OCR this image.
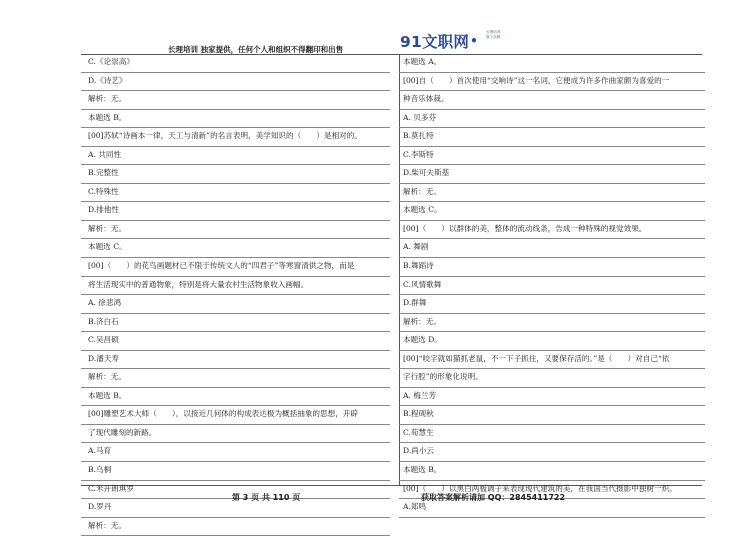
长理培训 独家提供，任何个人和组织不得翻印和出售	91文职网•
长理培训
旗下品牌
C.《论崇高》
D.《诗艺》
解析：无。
本题选 B。
[00]苏轼“诗画本一律，天工与清新”的名言表明，美学知识的（　　）是相对的。
A. 共同性
B.完整性
C.特殊性
D.排他性
解析：无。
本题选 C。
[00]（　　）的花鸟画题材已不限于传统文人的“四君子”等寒窗清供之物，而是
将生活现实中的普通物象，特别是将大量农村生活物象收入画幅。
A. 徐悲鸿
B.济白石
C.吴昌硕
D.潘天寿
解析：无。
本题选 B。
[00]雕塑艺术大师（　　），以接近几何体的构成表达极为概括抽象的思想，开辟
了现代雕刻的新路。
A.马育
B.乌桐
C.米开朗琪罗
D.罗丹
解析：无。
本题选 A。
[00]自（　　）首次使用“交响诗”这一名词，它便成为许多作曲家颇为喜爱的一
种音乐体裁。
A. 贝多芬
B.莫扎特
C.李斯特
D.柴可夫斯基
解析：无。
本题选 C。
[00]（　　）以群体的美，整体的流动线条，告成一种特殊的视觉效果。
A. 舞剧
B.舞蹈诗
C.风情歌舞
D.群舞
解析：无。
本题选 D。
[00]“咬字就如猫抓老鼠，不一下子抓住，又要保存活的。”是（　　）对自己“依
字行腔”的形象化说明。
A. 梅兰芳
B.程砚秋
C.荀慧生
D.尚小云
本题选 B。
[00]（　　）以黑白两极调子来表现现代建筑的美，在我国当代摄影中独树一炽。
A.郑鸣
第 3 页 共 110 页	获取答案解析请加 QQ：2845411722
